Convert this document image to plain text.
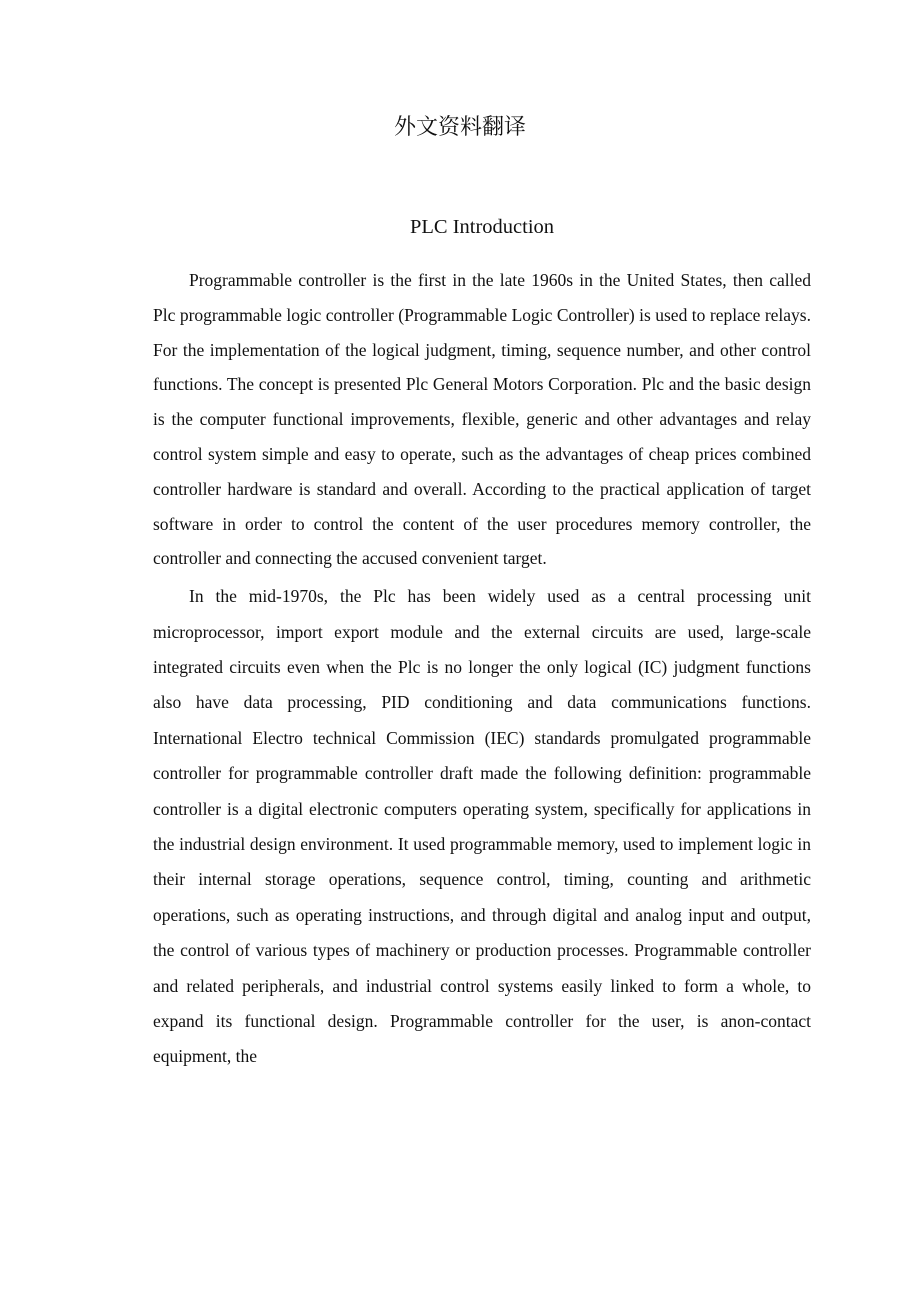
外文资料翻译
PLC Introduction

Programmable controller is the first in the late 1960s in the United States, then called Plc programmable logic controller (Programmable Logic Controller) is used to replace relays. For the implementation of the logical judgment, timing, sequence number, and other control functions. The concept is presented Plc General Motors Corporation. Plc and the basic design is the computer functional improvements, flexible, generic and other advantages and relay control system simple and easy to operate, such as the advantages of cheap prices combined controller hardware is standard and overall. According to the practical application of target software in order to control the content of the user procedures memory controller, the controller and connecting the accused convenient target.

In the mid-1970s, the Plc has been widely used as a central processing unit microprocessor, import export module and the external circuits are used, large-scale integrated circuits even when the Plc is no longer the only logical (IC) judgment functions also have data processing, PID conditioning and data communications functions. International Electro technical Commission (IEC) standards promulgated programmable controller for programmable controller draft made the following definition: programmable controller is a digital electronic computers operating system, specifically for applications in the industrial design environment. It used programmable memory, used to implement logic in their internal storage operations, sequence control, timing, counting and arithmetic operations, such as operating instructions, and through digital and analog input and output, the control of various types of machinery or production processes. Programmable controller and related peripherals, and industrial control systems easily linked to form a whole, to expand its functional design. Programmable controller for the user, is anon-contact equipment, the
